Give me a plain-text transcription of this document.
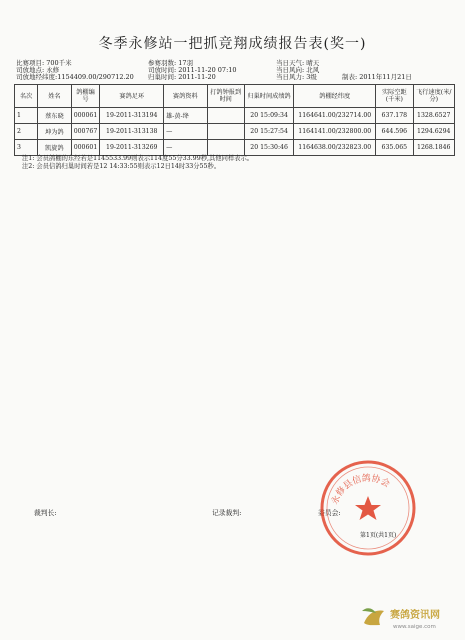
冬季永修站一把抓竞翔成绩报告表(奖一)
比赛项目: 700千米
司放地点: 永修
司放地经纬度:1154409.00/290712.20
参赛羽数: 17羽
司放时间: 2011-11-20 07:10
归巢时间: 2011-11-20
当日天气: 晴天
当日风向: 北风
当日风力: 3级	制表: 2011年11月21日
名次	姓名	鸽棚编号	赛鸽足环	赛鸽资料	打鸽钟报到时间	归巢时间成绩鸽	鸽棚经纬度	实际空距(千米)	飞行速度(米/分)
1	蔡东晓	000061	19-2011-313194	雄-黄-绛		20 15:09:34	1164641.00/232714.00	637.178	1328.6527
2	坤为鸽	000767	19-2011-313138	—		20 15:27:54	1164141.00/232800.00	644.596	1294.6294
3	凯旋鸽	000601	19-2011-313269	—		20 15:30:46	1164638.00/232823.00	635.065	1268.1846
注1: 会员鸽棚的东经若是1145533.99则表示114度55分33.99秒,其他同样表示。
注2: 会员信鸽归巢时间若是12 14:33:55则表示12日14时33分55秒。
裁判长:	记录裁判:	委员会:
永修县信鸽协会
第1页(共1页)
赛鸽资讯网
www.saige.com
